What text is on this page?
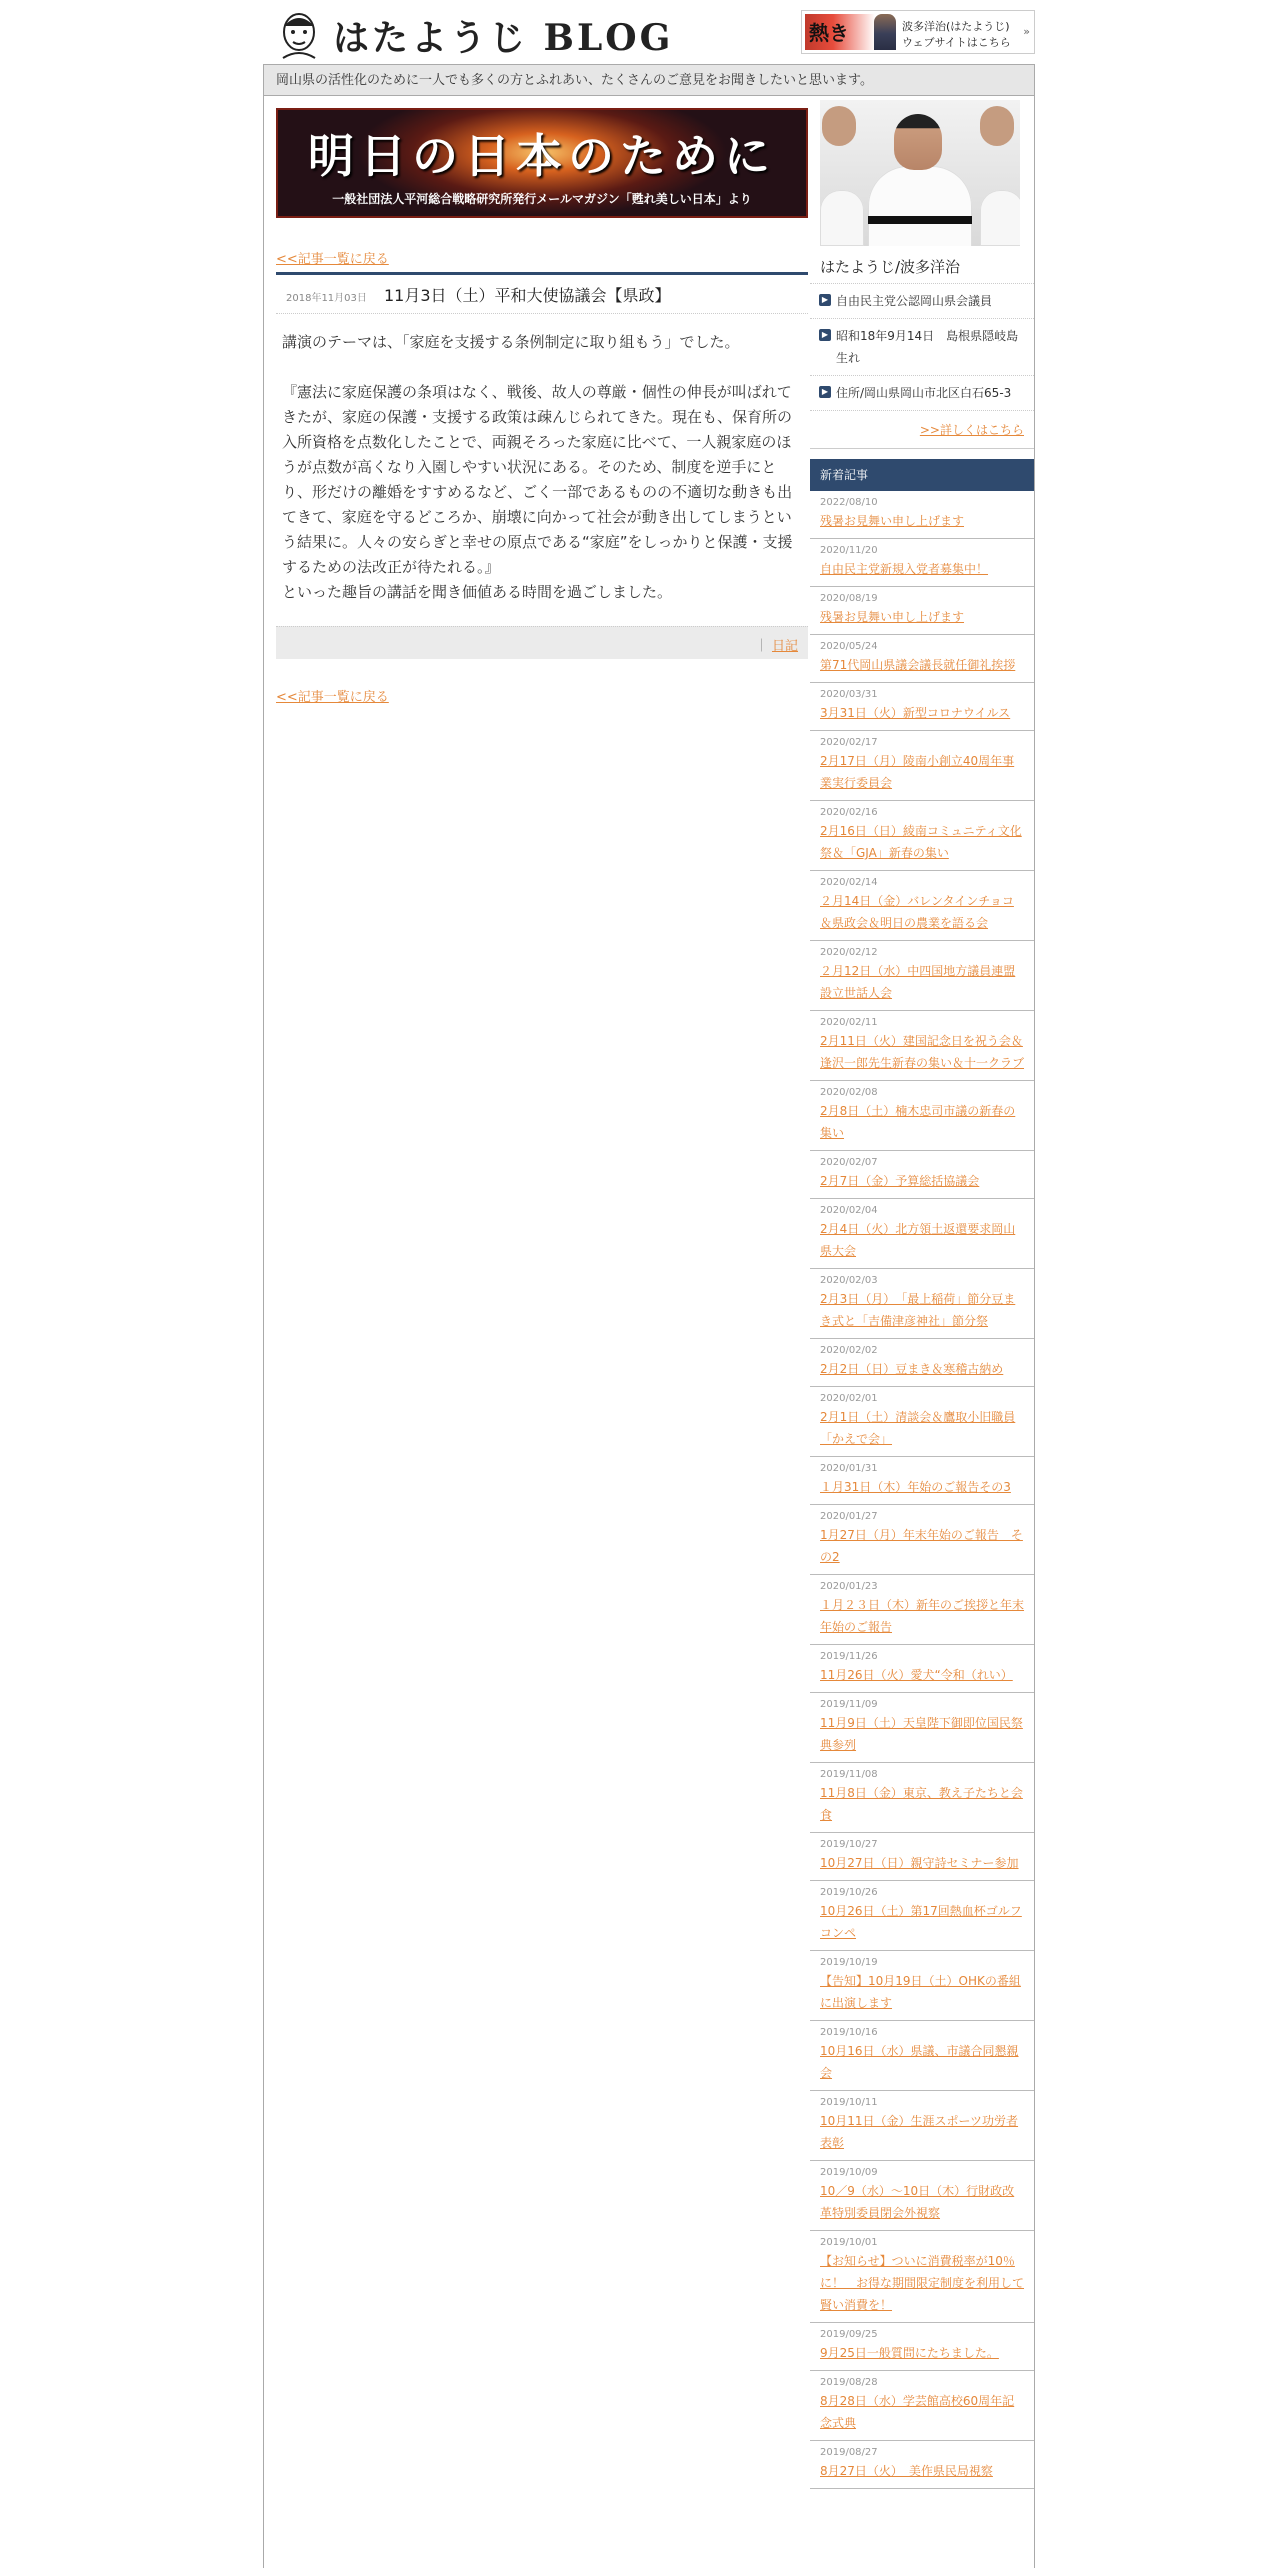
はたようじ BLOG	熱き	波多洋治(はたようじ)
ウェブサイトはこちら
»
岡山県の活性化のために一人でも多くの方とふれあい、たくさんのご意見をお聞きしたいと思います。
明日の日本のために
一般社団法人平河総合戦略研究所発行メールマガジン「甦れ美しい日本」より
<<記事一覧に戻る
2018年11月03日 11月3日（土）平和大使協議会【県政】

講演のテーマは、「家庭を支援する条例制定に取り組もう」でした。

『憲法に家庭保護の条項はなく、戦後、故人の尊厳・個性の伸長が叫ばれてきたが、家庭の保護・支援する政策は疎んじられてきた。現在も、保育所の入所資格を点数化したことで、両親そろった家庭に比べて、一人親家庭のほうが点数が高くなり入園しやすい状況にある。そのため、制度を逆手にとり、形だけの離婚をすすめるなど、ごく一部であるものの不適切な動きも出てきて、家庭を守るどころか、崩壊に向かって社会が動き出してしまうという結果に。人々の安らぎと幸せの原点である“家庭”をしっかりと保護・支援するための法改正が待たれる。』

といった趣旨の講話を聞き価値ある時間を過ごしました。

｜ 日記
<<記事一覧に戻る
はたようじ/波多洋治
▶ 自由民主党公認岡山県会議員
▶ 昭和18年9月14日　島根県隠岐島生れ
▶ 住所/岡山県岡山市北区白石65-3
>>詳しくはこちら
新着記事
2022/08/10
残暑お見舞い申し上げます
2020/11/20
自由民主党新規入党者募集中！
2020/08/19
残暑お見舞い申し上げます
2020/05/24
第71代岡山県議会議長就任御礼挨拶
2020/03/31
3月31日（火）新型コロナウイルス
2020/02/17
2月17日（月）陵南小創立40周年事業実行委員会
2020/02/16
2月16日（日）綾南コミュニティ文化祭＆「GJA」新春の集い
2020/02/14
２月14日（金）バレンタインチョコ＆県政会＆明日の農業を語る会
2020/02/12
２月12日（水）中四国地方議員連盟設立世話人会
2020/02/11
2月11日（火）建国記念日を祝う会＆逢沢一郎先生新春の集い＆十一クラブ
2020/02/08
2月8日（土）楠木忠司市議の新春の集い
2020/02/07
2月7日（金）予算総括協議会
2020/02/04
2月4日（火）北方領土返還要求岡山県大会
2020/02/03
2月3日（月）　「最上稲荷」節分豆まき式と「吉備津彦神社」節分祭
2020/02/02
2月2日（日）豆まき＆寒稽古納め
2020/02/01
2月1日（土）清談会＆鷹取小旧職員「かえで会」
2020/01/31
１月31日（木）年始のご報告その3
2020/01/27
1月27日（月）年末年始のご報告　その2
2020/01/23
１月２３日（木）新年のご挨拶と年末年始のご報告
2019/11/26
11月26日（火）愛犬“令和（れい）
2019/11/09
11月9日（土）天皇陛下御即位国民祭典参列
2019/11/08
11月8日（金）東京、教え子たちと会食
2019/10/27
10月27日（日）親守詩セミナー参加
2019/10/26
10月26日（土）第17回熱血杯ゴルフコンペ
2019/10/19
【告知】10月19日（土）OHKの番組に出演します
2019/10/16
10月16日（水）県議、市議合同懇親会
2019/10/11
10月11日（金）生涯スポーツ功労者表彰
2019/10/09
10／9（水）～10日（木）行財政改革特別委員閉会外視察
2019/10/01
【お知らせ】ついに消費税率が10％に！　お得な期間限定制度を利用して賢い消費を！
2019/09/25
9月25日一般質問にたちました。
2019/08/28
8月28日（水）学芸館高校60周年記念式典
2019/08/27
8月27日（火）　美作県民局視察
